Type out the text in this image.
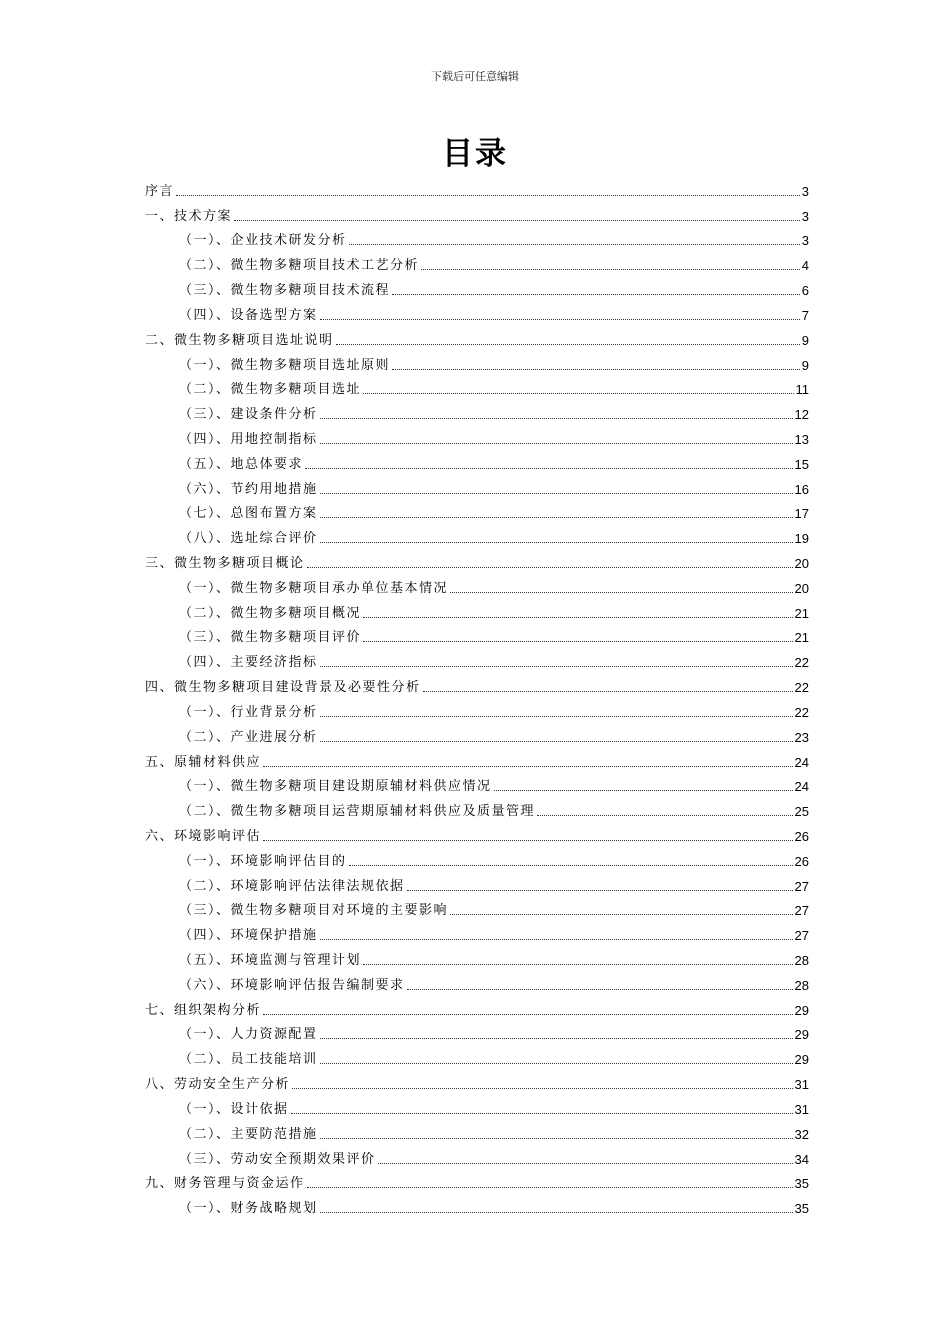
下载后可任意编辑
目录
序言	3
一、技术方案	3
（一）、企业技术研发分析	3
（二）、微生物多糖项目技术工艺分析	4
（三）、微生物多糖项目技术流程	6
（四）、设备选型方案	7
二、微生物多糖项目选址说明	9
（一）、微生物多糖项目选址原则	9
（二）、微生物多糖项目选址	11
（三）、建设条件分析	12
（四）、用地控制指标	13
（五）、地总体要求	15
（六）、节约用地措施	16
（七）、总图布置方案	17
（八）、选址综合评价	19
三、微生物多糖项目概论	20
（一）、微生物多糖项目承办单位基本情况	20
（二）、微生物多糖项目概况	21
（三）、微生物多糖项目评价	21
（四）、主要经济指标	22
四、微生物多糖项目建设背景及必要性分析	22
（一）、行业背景分析	22
（二）、产业进展分析	23
五、原辅材料供应	24
（一）、微生物多糖项目建设期原辅材料供应情况	24
（二）、微生物多糖项目运营期原辅材料供应及质量管理	25
六、环境影响评估	26
（一）、环境影响评估目的	26
（二）、环境影响评估法律法规依据	27
（三）、微生物多糖项目对环境的主要影响	27
（四）、环境保护措施	27
（五）、环境监测与管理计划	28
（六）、环境影响评估报告编制要求	28
七、组织架构分析	29
（一）、人力资源配置	29
（二）、员工技能培训	29
八、劳动安全生产分析	31
（一）、设计依据	31
（二）、主要防范措施	32
（三）、劳动安全预期效果评价	34
九、财务管理与资金运作	35
（一）、财务战略规划	35
